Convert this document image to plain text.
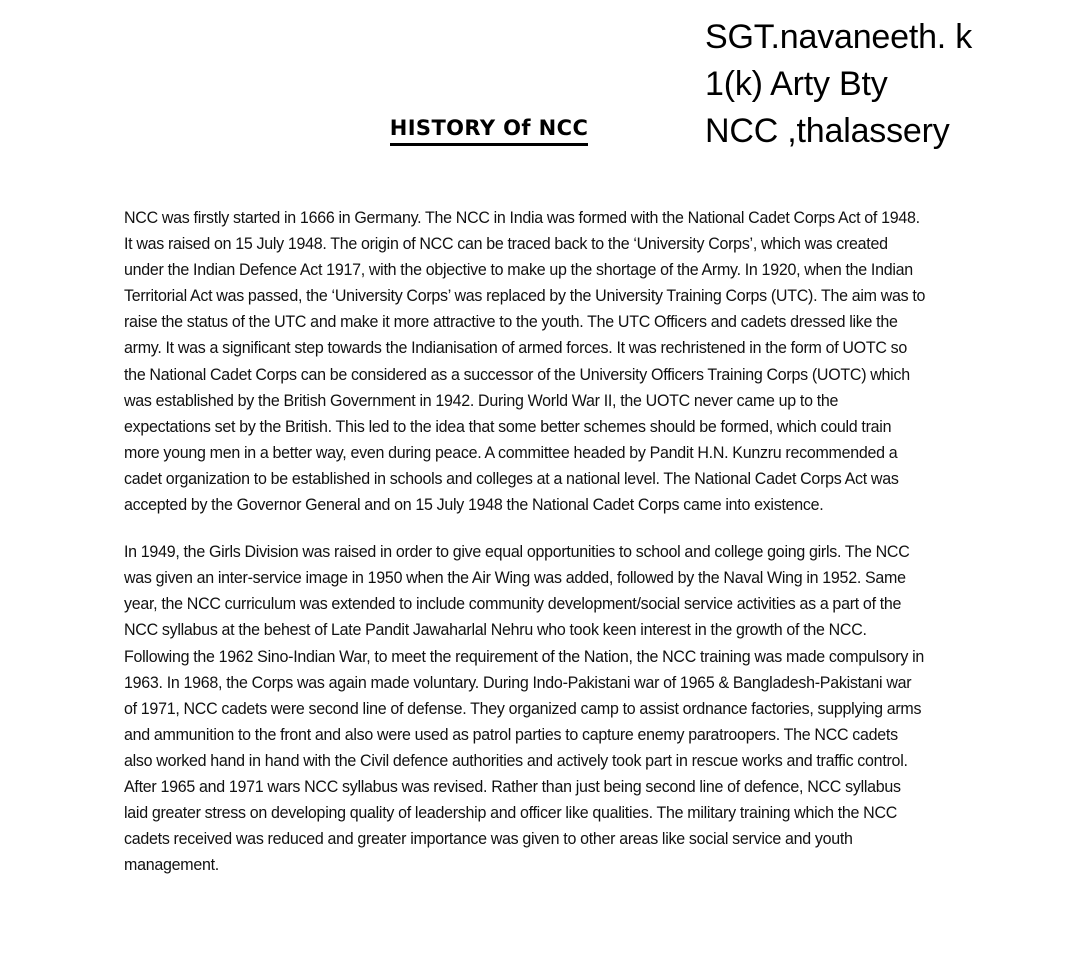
SGT.navaneeth. k
1(k) Arty Bty
NCC ,thalassery
HISTORY Of NCC

NCC was firstly started in 1666 in Germany. The NCC in India was formed with the National Cadet Corps Act of 1948. It was raised on 15 July 1948. The origin of NCC can be traced back to the ‘University Corps’, which was created under the Indian Defence Act 1917, with the objective to make up the shortage of the Army. In 1920, when the Indian Territorial Act was passed, the ‘University Corps’ was replaced by the University Training Corps (UTC). The aim was to raise the status of the UTC and make it more attractive to the youth. The UTC Officers and cadets dressed like the army. It was a significant step towards the Indianisation of armed forces. It was rechristened in the form of UOTC so the National Cadet Corps can be considered as a successor of the University Officers Training Corps (UOTC) which was established by the British Government in 1942. During World War II, the UOTC never came up to the expectations set by the British. This led to the idea that some better schemes should be formed, which could train more young men in a better way, even during peace. A committee headed by Pandit H.N. Kunzru recommended a cadet organization to be established in schools and colleges at a national level. The National Cadet Corps Act was accepted by the Governor General and on 15 July 1948 the National Cadet Corps came into existence.

In 1949, the Girls Division was raised in order to give equal opportunities to school and college going girls. The NCC was given an inter-service image in 1950 when the Air Wing was added, followed by the Naval Wing in 1952. Same year, the NCC curriculum was extended to include community development/social service activities as a part of the NCC syllabus at the behest of Late Pandit Jawaharlal Nehru who took keen interest in the growth of the NCC. Following the 1962 Sino-Indian War, to meet the requirement of the Nation, the NCC training was made compulsory in 1963. In 1968, the Corps was again made voluntary. During Indo-Pakistani war of 1965 & Bangladesh-Pakistani war of 1971, NCC cadets were second line of defense. They organized camp to assist ordnance factories, supplying arms and ammunition to the front and also were used as patrol parties to capture enemy paratroopers. The NCC cadets also worked hand in hand with the Civil defence authorities and actively took part in rescue works and traffic control. After 1965 and 1971 wars NCC syllabus was revised. Rather than just being second line of defence, NCC syllabus laid greater stress on developing quality of leadership and officer like qualities. The military training which the NCC cadets received was reduced and greater importance was given to other areas like social service and youth management.
